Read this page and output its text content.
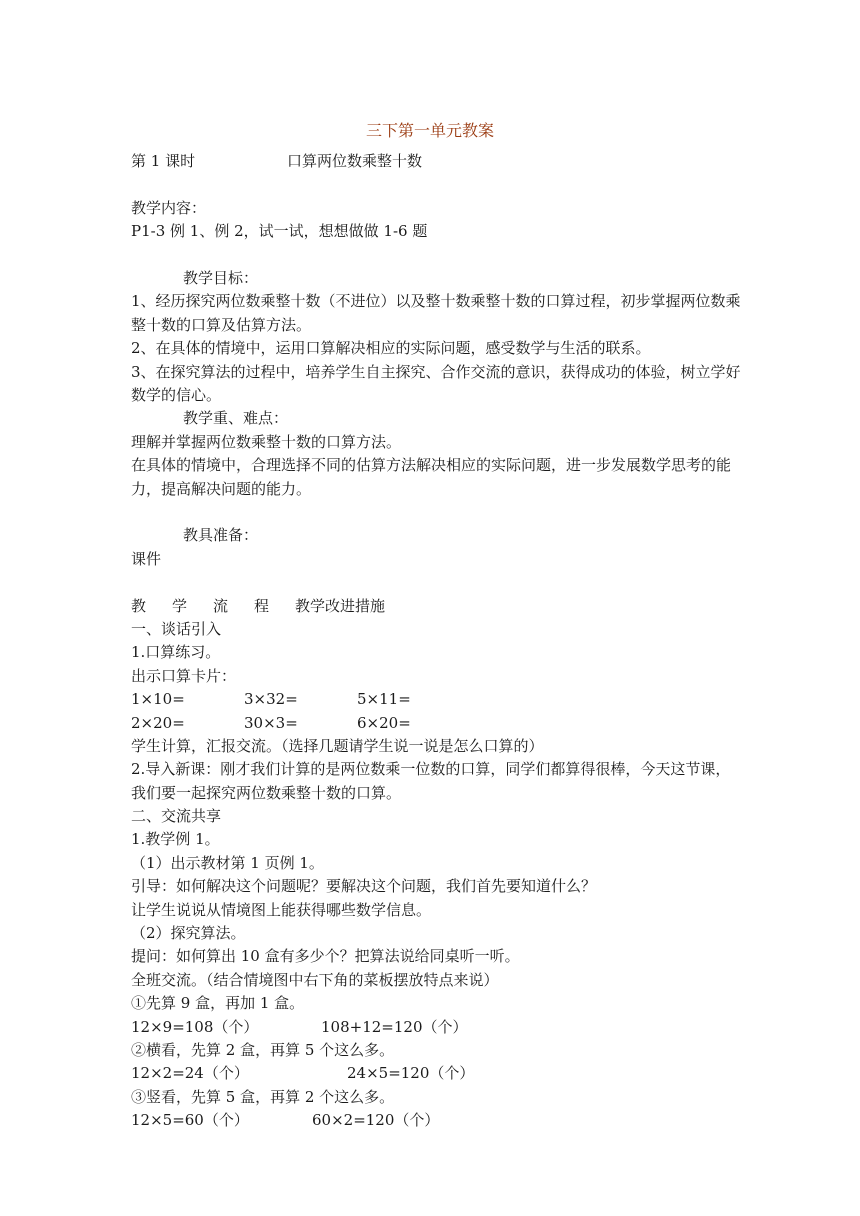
三下第一单元教案
第 1 课时	口算两位数乘整十数
教学内容：
P1-3 例 1、例 2，试一试，想想做做 1-6 题
教学目标：
1、经历探究两位数乘整十数（不进位）以及整十数乘整十数的口算过程，初步掌握两位数乘整十数的口算及估算方法。
2、在具体的情境中，运用口算解决相应的实际问题，感受数学与生活的联系。
3、在探究算法的过程中，培养学生自主探究、合作交流的意识，获得成功的体验，树立学好数学的信心。
教学重、难点：
理解并掌握两位数乘整十数的口算方法。
在具体的情境中，合理选择不同的估算方法解决相应的实际问题，进一步发展数学思考的能力，提高解决问题的能力。
教具准备：
课件
教学流程教学改进措施
一、谈话引入
1.口算练习。
出示口算卡片：
1×10=	3×32=	5×11=
2×20=	30×3=	6×20=
学生计算，汇报交流。（选择几题请学生说一说是怎么口算的）
2.导入新课：刚才我们计算的是两位数乘一位数的口算，同学们都算得很棒，今天这节课，我们要一起探究两位数乘整十数的口算。
二、交流共享
1.教学例 1。
（1）出示教材第 1 页例 1。
引导：如何解决这个问题呢？要解决这个问题，我们首先要知道什么？
让学生说说从情境图上能获得哪些数学信息。
（2）探究算法。
提问：如何算出 10 盒有多少个？把算法说给同桌听一听。
全班交流。（结合情境图中右下角的菜板摆放特点来说）
①先算 9 盒，再加 1 盒。
12×9=108（个）	108+12=120（个）
②横看，先算 2 盒，再算 5 个这么多。
12×2=24（个）	24×5=120（个）
③竖看，先算 5 盒，再算 2 个这么多。
12×5=60（个）	60×2=120（个）
